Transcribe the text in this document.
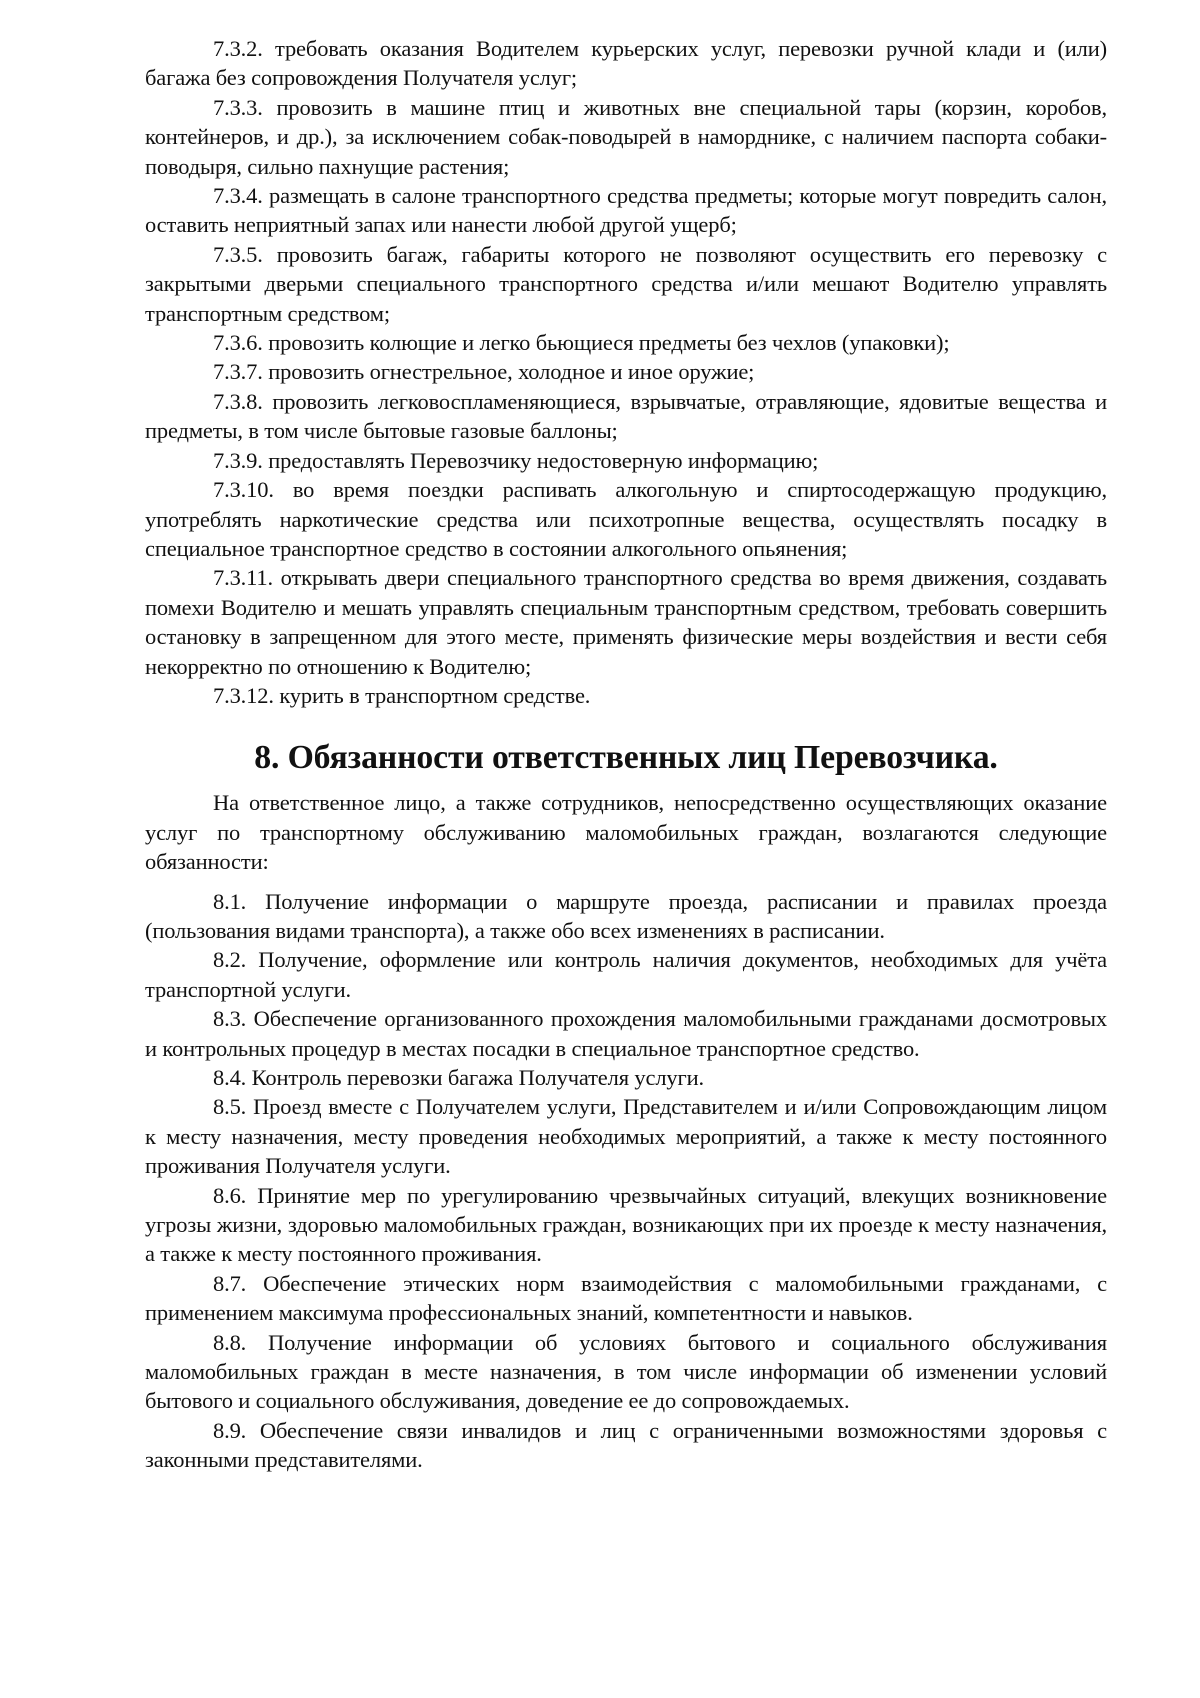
7.3.2. требовать оказания Водителем курьерских услуг, перевозки ручной клади и (или) багажа без сопровождения Получателя услуг;

7.3.3. провозить в машине птиц и животных вне специальной тары (корзин, коробов, контейнеров, и др.), за исключением собак-поводырей в наморднике, с наличием паспорта собаки-поводыря, сильно пахнущие растения;

7.3.4. размещать в салоне транспортного средства предметы; которые могут повредить салон, оставить неприятный запах или нанести любой другой ущерб;

7.3.5. провозить багаж, габариты которого не позволяют осуществить его перевозку с закрытыми дверьми специального транспортного средства и/или мешают Водителю управлять транспортным средством;

7.3.6. провозить колющие и легко бьющиеся предметы без чехлов (упаковки);

7.3.7. провозить огнестрельное, холодное и иное оружие;

7.3.8. провозить легковоспламеняющиеся, взрывчатые, отравляющие, ядовитые вещества и предметы, в том числе бытовые газовые баллоны;

7.3.9. предоставлять Перевозчику недостоверную информацию;

7.3.10. во время поездки распивать алкогольную и спиртосодержащую продукцию, употреблять наркотические средства или психотропные вещества, осуществлять посадку в специальное транспортное средство в состоянии алкогольного опьянения;

7.3.11. открывать двери специального транспортного средства во время движения, создавать помехи Водителю и мешать управлять специальным транспортным средством, требовать совершить остановку в запрещенном для этого месте, применять физические меры воздействия и вести себя некорректно по отношению к Водителю;

7.3.12. курить в транспортном средстве.

8. Обязанности ответственных лиц Перевозчика.

На ответственное лицо, а также сотрудников, непосредственно осуществляющих оказание услуг по транспортному обслуживанию маломобильных граждан, возлагаются следующие обязанности:

8.1. Получение информации о маршруте проезда, расписании и правилах проезда (пользования видами транспорта), а также обо всех изменениях в расписании.

8.2. Получение, оформление или контроль наличия документов, необходимых для учёта транспортной услуги.

8.3. Обеспечение организованного прохождения маломобильными гражданами досмотровых и контрольных процедур в местах посадки в специальное транспортное средство.

8.4. Контроль перевозки багажа Получателя услуги.

8.5. Проезд вместе с Получателем услуги, Представителем и и/или Сопровождающим лицом к месту назначения, месту проведения необходимых мероприятий, а также к месту постоянного проживания Получателя услуги.

8.6. Принятие мер по урегулированию чрезвычайных ситуаций, влекущих возникновение угрозы жизни, здоровью маломобильных граждан, возникающих при их проезде к месту назначения, а также к месту постоянного проживания.

8.7. Обеспечение этических норм взаимодействия с маломобильными гражданами, с применением максимума профессиональных знаний, компетентности и навыков.

8.8. Получение информации об условиях бытового и социального обслуживания маломобильных граждан в месте назначения, в том числе информации об изменении условий бытового и социального обслуживания, доведение ее до сопровождаемых.

8.9. Обеспечение связи инвалидов и лиц с ограниченными возможностями здоровья с законными представителями.
